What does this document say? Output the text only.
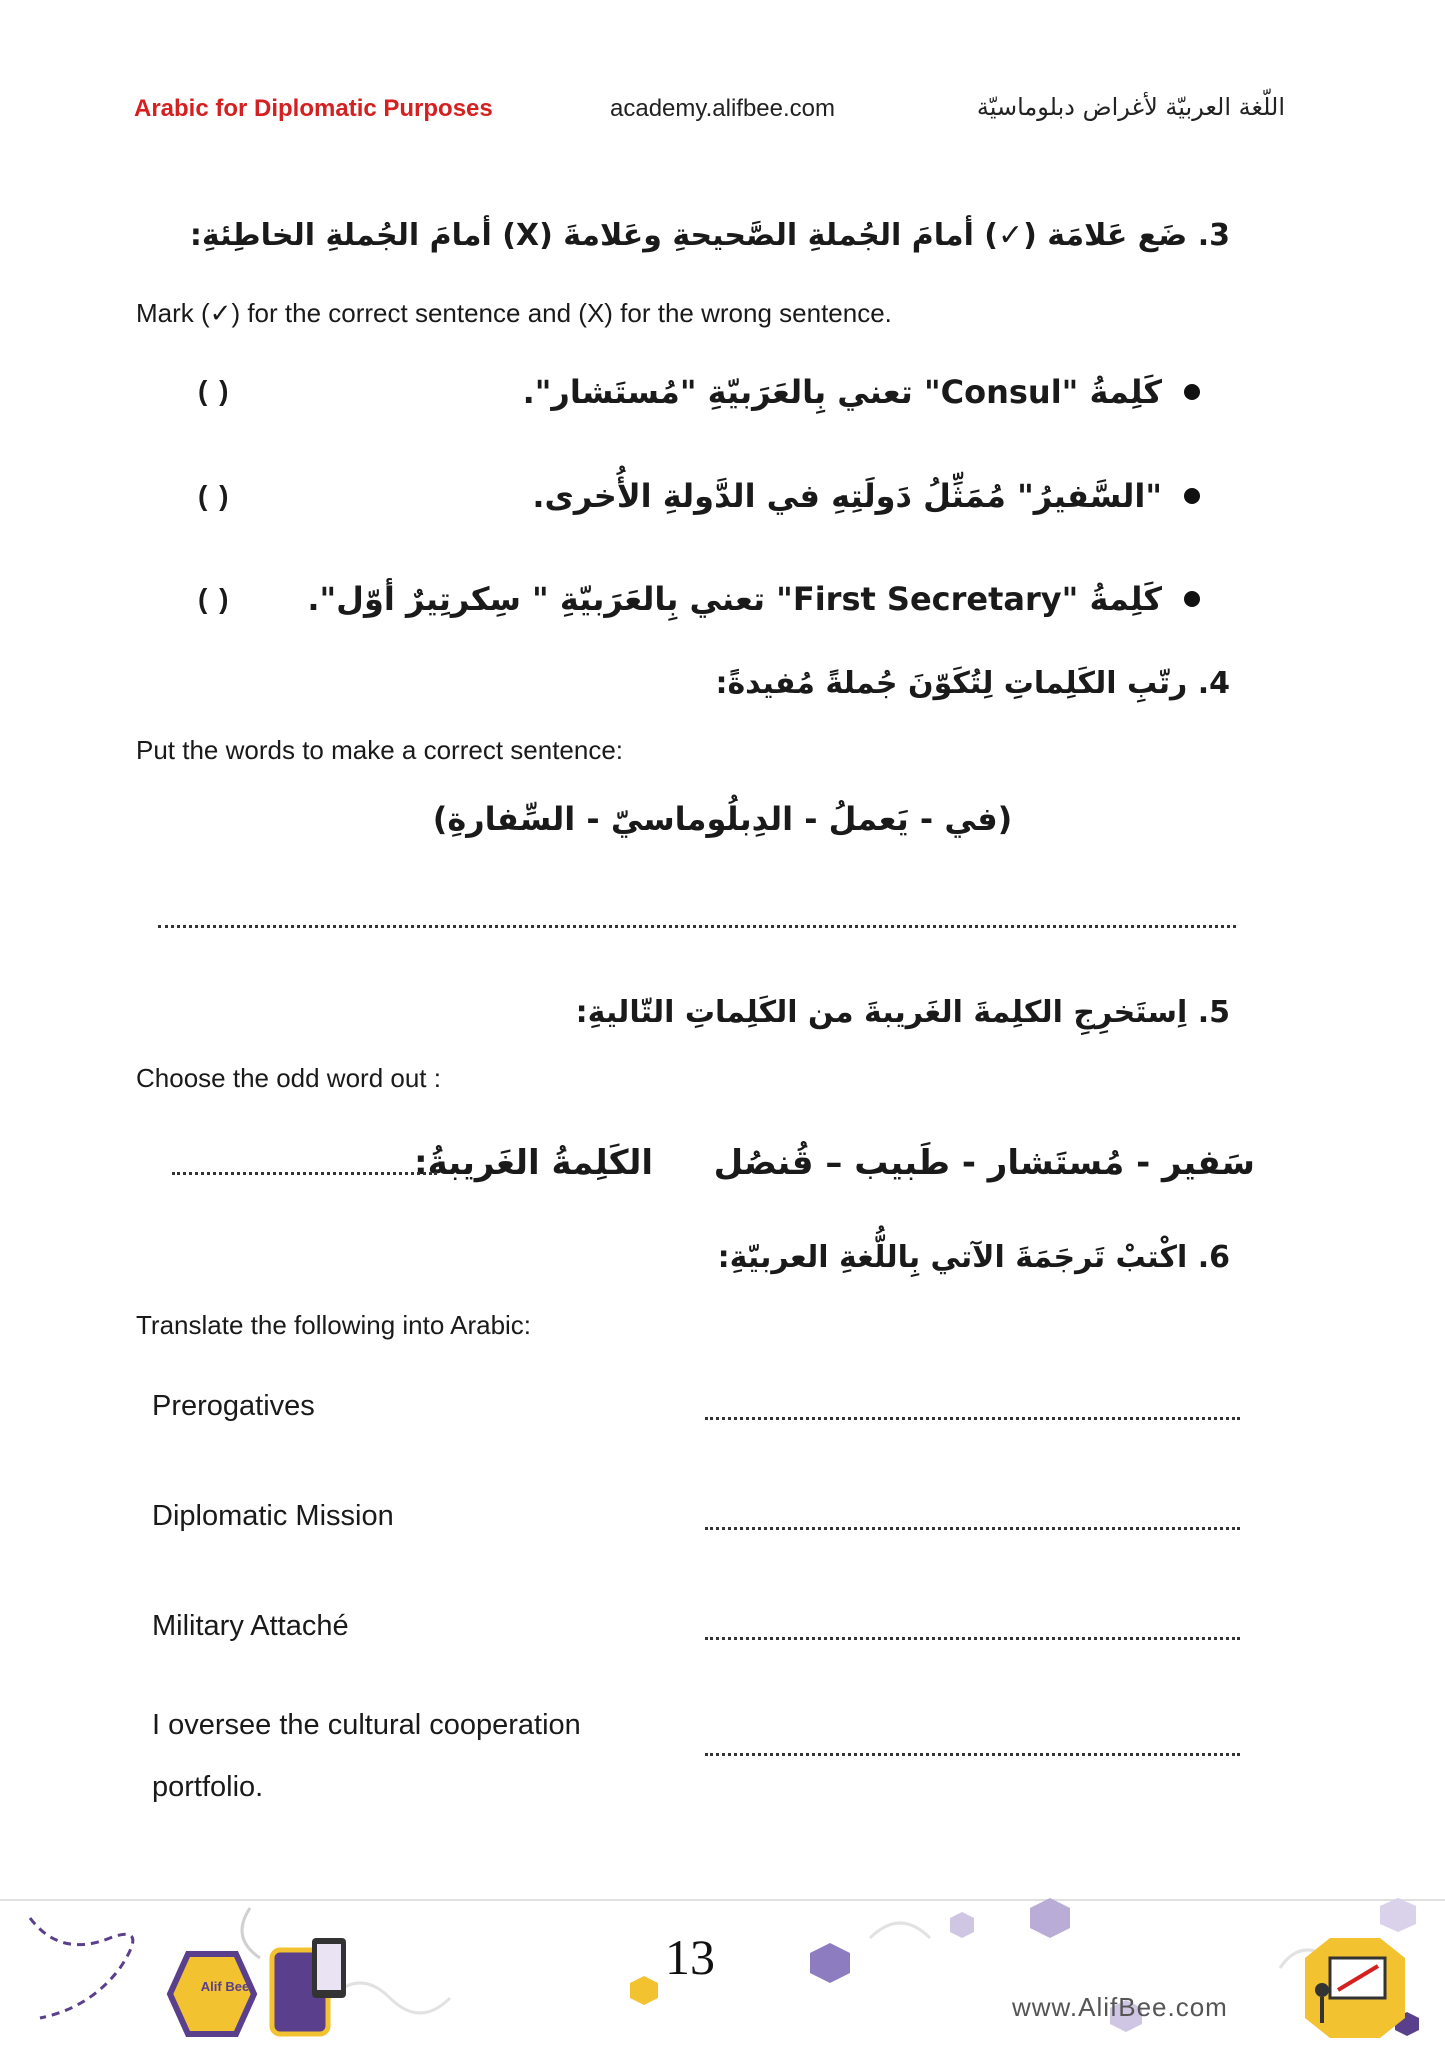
Arabic for Diplomatic Purposes	academy.alifbee.com	اللّغة العربيّة لأغراض دبلوماسيّة
3. ضَع عَلامَة (✓) أمامَ الجُملةِ الصَّحيحةِ وعَلامةَ (X) أمامَ الجُملةِ الخاطِئةِ:
Mark (✓) for the correct sentence and (X) for the wrong sentence.
كَلِمةُ "Consul" تعني بِالعَرَبيّةِ "مُستَشار".
( )
"السَّفيرُ" مُمَثِّلُ دَولَتِهِ في الدَّولةِ الأُخرى.
( )
كَلِمةُ "First Secretary" تعني بِالعَرَبيّةِ " سِكرتِيرٌ أوّل".
( )
4. رتّبِ الكَلِماتِ لِتُكَوّنَ جُملةً مُفيدةً:
Put the words to make a correct sentence:
(في - يَعملُ - الدِبلُوماسيّ - السِّفارةِ)
5. اِستَخرِجِ الكلِمةَ الغَريبةَ من الكَلِماتِ التّاليةِ:
Choose the odd word out :
سَفير - مُستَشار - طَبيب – قُنصُل
الكَلِمةُ الغَريبةُ:
6. اكْتبْ تَرجَمَةَ الآتي بِاللُّغةِ العربيّةِ:
Translate the following into Arabic:
Prerogatives
Diplomatic Mission
Military Attaché
I oversee the cultural cooperation portfolio.
Alif Bee
13
www.AlifBee.com
